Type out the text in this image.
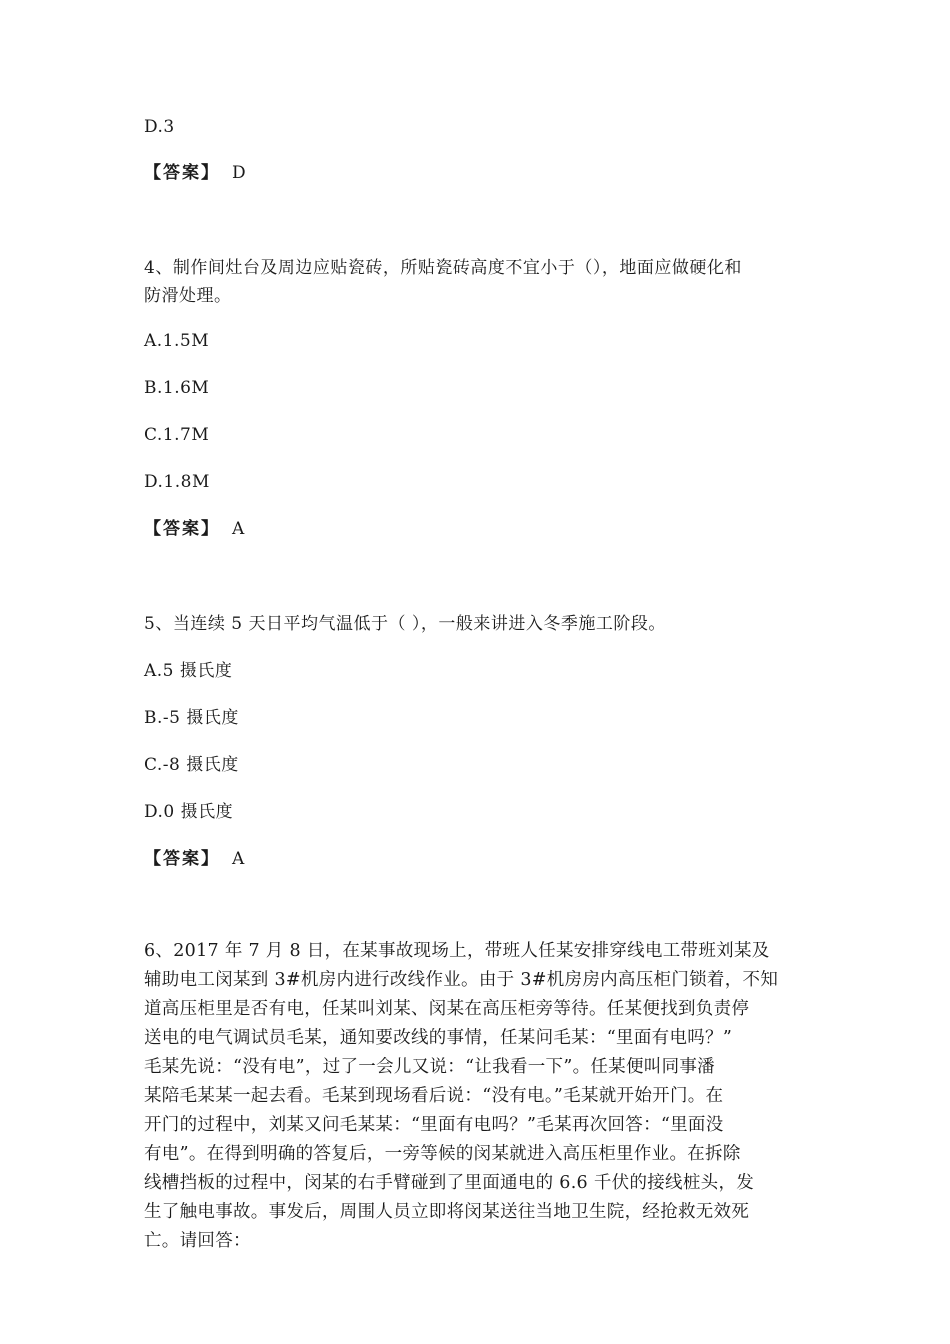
D.3
【答案】 D
4、制作间灶台及周边应贴瓷砖，所贴瓷砖高度不宜小于（），地面应做硬化和
防滑处理。
A.1.5M
B.1.6M
C.1.7M
D.1.8M
【答案】 A
5、当连续 5 天日平均气温低于（ ），一般来讲进入冬季施工阶段。
A.5 摄氏度
B.-5 摄氏度
C.-8 摄氏度
D.0 摄氏度
【答案】 A
6、2017 年 7 月 8 日，在某事故现场上，带班人任某安排穿线电工带班刘某及
辅助电工闵某到 3#机房内进行改线作业。由于 3#机房房内高压柜门锁着，不知
道高压柜里是否有电，任某叫刘某、闵某在高压柜旁等待。任某便找到负责停
送电的电气调试员毛某，通知要改线的事情，任某问毛某：“里面有电吗？”
毛某先说：“没有电”，过了一会儿又说：“让我看一下”。任某便叫同事潘
某陪毛某某一起去看。毛某到现场看后说：“没有电。”毛某就开始开门。在
开门的过程中，刘某又问毛某某：“里面有电吗？”毛某再次回答：“里面没
有电”。在得到明确的答复后，一旁等候的闵某就进入高压柜里作业。在拆除
线槽挡板的过程中，闵某的右手臂碰到了里面通电的 6.6 千伏的接线桩头，发
生了触电事故。事发后，周围人员立即将闵某送往当地卫生院，经抢救无效死
亡。请回答：
